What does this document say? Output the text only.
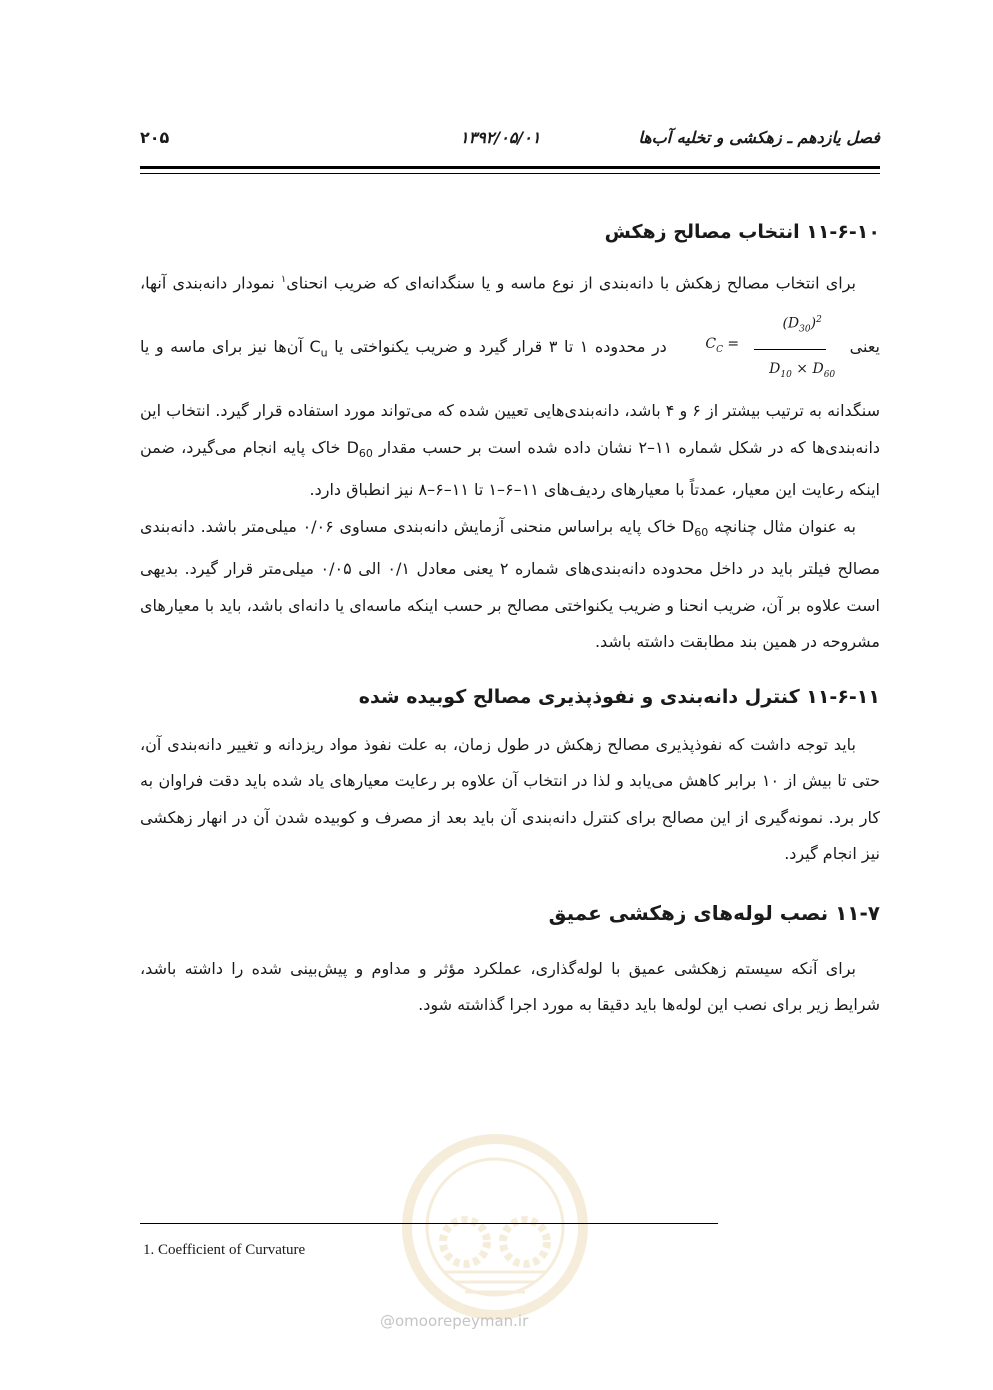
فصل یازدهم ـ زهکشی و تخلیه آب‌ها
۱۳۹۲/۰۵/۰۱
۲۰۵
۱۱-۶-۱۰ انتخاب مصالح زهکش

برای انتخاب مصالح زهکش با دانه‌بندی از نوع ماسه و یا سنگدانه‌ای که ضریب انحنای$^۱$ نمودار دانه‌بندی آنها، یعنی
$C_C = \frac{(D_{30})^2}{D_{10} \times D_{60}}$
در محدوده ۱ تا ۳ قرار گیرد و ضریب یکنواختی یا $C_u$ آن‌ها نیز برای ماسه و یا سنگدانه به ترتیب بیشتر از ۶ و ۴ باشد، دانه‌بندی‌هایی تعیین شده که می‌تواند مورد استفاده قرار گیرد. انتخاب این دانه‌بندی‌ها که در شکل شماره ۱۱–۲ نشان داده شده است بر حسب مقدار $D_{60}$ خاک پایه انجام می‌گیرد، ضمن اینکه رعایت این معیار، عمدتاً با معیارهای ردیف‌های ۱۱–۶–۱ تا ۱۱–۶–۸ نیز انطباق دارد.

به عنوان مثال چنانچه $D_{60}$ خاک پایه براساس منحنی آزمایش دانه‌بندی مساوی ۰/۰۶ میلی‌متر باشد. دانه‌بندی مصالح فیلتر باید در داخل محدوده دانه‌بندی‌های شماره ۲ یعنی معادل ۰/۱ الی ۰/۰۵ میلی‌متر قرار گیرد. بدیهی است علاوه بر آن، ضریب انحنا و ضریب یکنواختی مصالح بر حسب اینکه ماسه‌ای یا دانه‌ای باشد، باید با معیارهای مشروحه در همین بند مطابقت داشته باشد.

۱۱-۶-۱۱ کنترل دانه‌بندی و نفوذپذیری مصالح کوبیده شده

باید توجه داشت که نفوذپذیری مصالح زهکش در طول زمان، به علت نفوذ مواد ریزدانه و تغییر دانه‌بندی آن، حتی تا بیش از ۱۰ برابر کاهش می‌یابد و لذا در انتخاب آن علاوه بر رعایت معیارهای یاد شده باید دقت فراوان به کار برد. نمونه‌گیری از این مصالح برای کنترل دانه‌بندی آن باید بعد از مصرف و کوبیده شدن آن در انهار زهکشی نیز انجام گیرد.

۱۱-۷ نصب لوله‌های زهکشی عمیق

برای آنکه سیستم زهکشی عمیق با لوله‌گذاری، عملکرد مؤثر و مداوم و پیش‌بینی شده را داشته باشد، شرایط زیر برای نصب این لوله‌ها باید دقیقا به مورد اجرا گذاشته شود.

@omoorepeyman.ir
1. Coefficient of Curvature
